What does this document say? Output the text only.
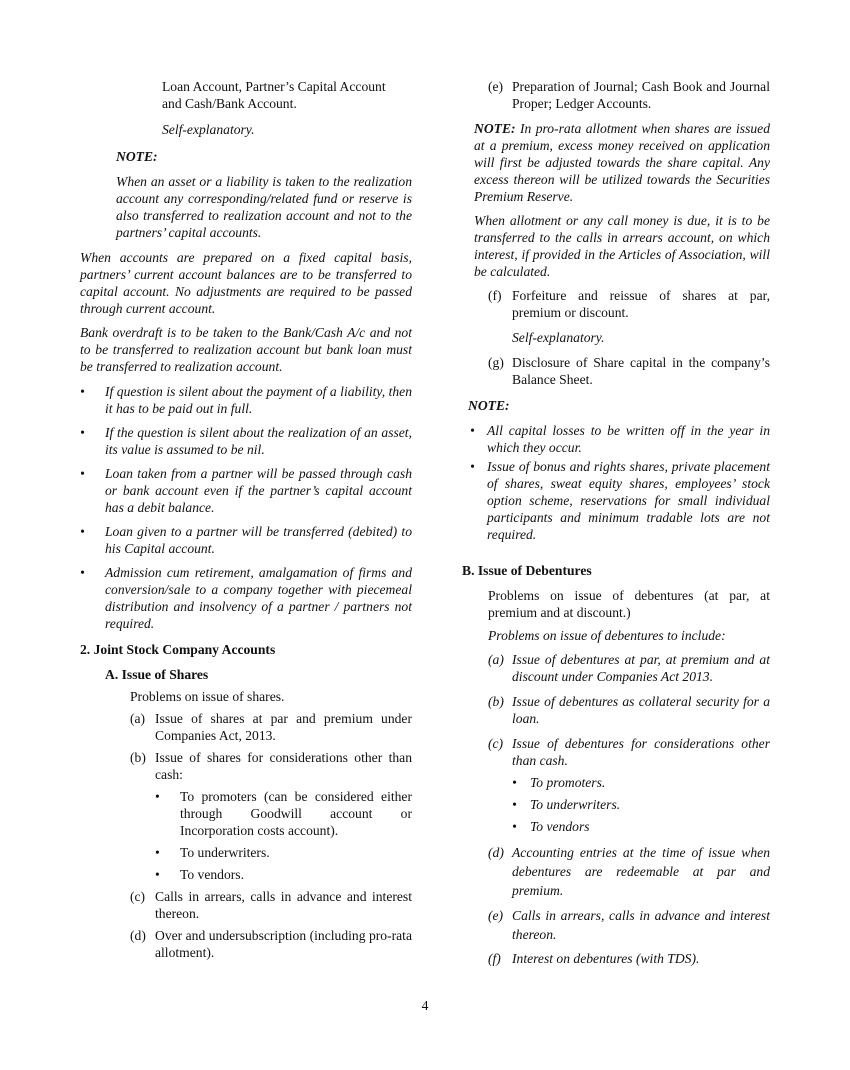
Loan Account, Partner’s Capital Account

and Cash/Bank Account.

Self-explanatory.

NOTE:

When an asset or a liability is taken to the realization account any corresponding/related fund or reserve is also transferred to realization account and not to the partners’ capital accounts.

When accounts are prepared on a fixed capital basis, partners’ current account balances are to be transferred to capital account. No adjustments are required to be passed through current account.

Bank overdraft is to be taken to the Bank/Cash A/c and not to be transferred to realization account but bank loan must be transferred to realization account.

•	If question is silent about the payment of a liability, then it has to be paid out in full.
•	If the question is silent about the realization of an asset, its value is assumed to be nil.
•	Loan taken from a partner will be passed through cash or bank account even if the partner’s capital account has a debit balance.
•	Loan given to a partner will be transferred (debited) to his Capital account.
•	Admission cum retirement, amalgamation of firms and conversion/sale to a company together with piecemeal distribution and insolvency of a partner / partners not required.

2. Joint Stock Company Accounts

A. Issue of Shares

Problems on issue of shares.

(a) Issue of shares at par and premium under Companies Act, 2013.
(b) Issue of shares for considerations other than cash:
•	To promoters (can be considered either through Goodwill account or Incorporation costs account).
•	To underwriters.
•	To vendors.
(c) Calls in arrears, calls in advance and interest thereon.
(d) Over and undersubscription (including pro-rata allotment).
(e) Preparation of Journal; Cash Book and Journal Proper; Ledger Accounts.

NOTE: In pro-rata allotment when shares are issued at a premium, excess money received on application will first be adjusted towards the share capital. Any excess thereon will be utilized towards the Securities Premium Reserve.

When allotment or any call money is due, it is to be transferred to the calls in arrears account, on which interest, if provided in the Articles of Association, will be calculated.

(f) Forfeiture and reissue of shares at par, premium or discount.

Self-explanatory.

(g) Disclosure of Share capital in the company’s Balance Sheet.

NOTE:

• All capital losses to be written off in the year in which they occur.
• Issue of bonus and rights shares, private placement of shares, sweat equity shares, employees’ stock option scheme, reservations for small individual participants and minimum tradable lots are not required.

B. Issue of Debentures

Problems on issue of debentures (at par, at premium and at discount.)

Problems on issue of debentures to include:

(a) Issue of debentures at par, at premium and at discount under Companies Act 2013.
(b) Issue of debentures as collateral security for a loan.
(c) Issue of debentures for considerations other than cash.
• To promoters.
• To underwriters.
• To vendors
(d) Accounting entries at the time of issue when debentures are redeemable at par and premium.
(e) Calls in arrears, calls in advance and interest thereon.
(f) Interest on debentures (with TDS).
4
